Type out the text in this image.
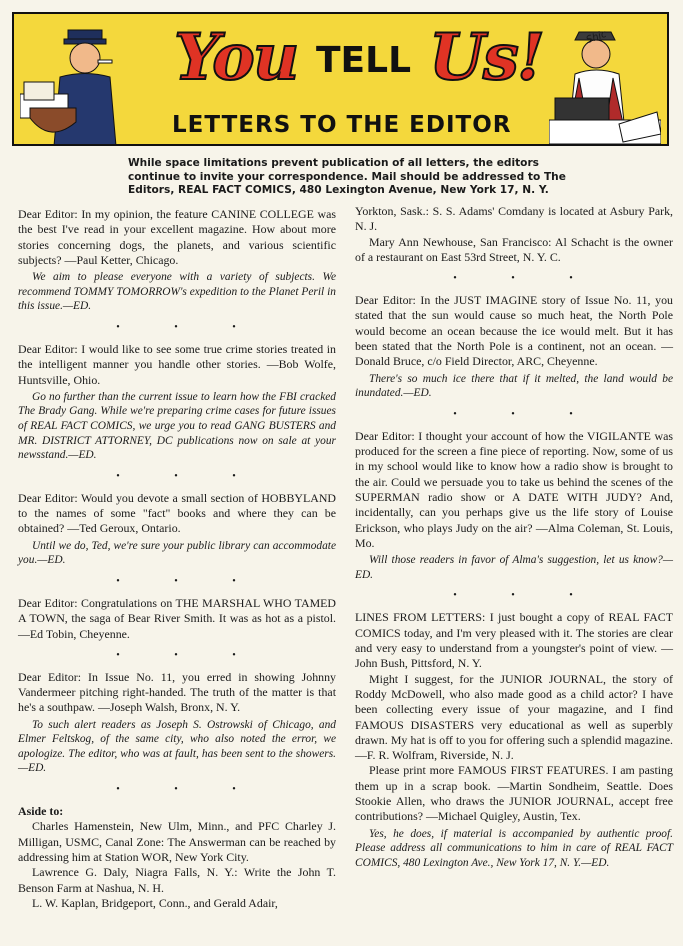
You TELL Us!
LETTERS TO THE EDITOR
Shic
While space limitations prevent publication of all letters, the editors continue to invite your correspondence. Mail should be addressed to The Editors, REAL FACT COMICS, 480 Lexington Avenue, New York 17, N. Y.

Dear Editor: In my opinion, the feature CANINE COLLEGE was the best I've read in your excellent magazine. How about more stories concerning dogs, the planets, and various scientific subjects? —Paul Ketter, Chicago.

We aim to please everyone with a variety of subjects. We recommend TOMMY TOMORROW's expedition to the Planet Peril in this issue.—ED.

• • •

Dear Editor: I would like to see some true crime stories treated in the intelligent manner you handle other stories. —Bob Wolfe, Huntsville, Ohio.

Go no further than the current issue to learn how the FBI cracked The Brady Gang. While we're preparing crime cases for future issues of REAL FACT COMICS, we urge you to read GANG BUSTERS and MR. DISTRICT ATTORNEY, DC publications now on sale at your newsstand.—ED.

• • •

Dear Editor: Would you devote a small section of HOBBYLAND to the names of some "fact" books and where they can be obtained? —Ted Geroux, Ontario.

Until we do, Ted, we're sure your public library can accommodate you.—ED.

• • •

Dear Editor: Congratulations on THE MARSHAL WHO TAMED A TOWN, the saga of Bear River Smith. It was as hot as a pistol. —Ed Tobin, Cheyenne.

• • •

Dear Editor: In Issue No. 11, you erred in showing Johnny Vandermeer pitching right-handed. The truth of the matter is that he's a southpaw. —Joseph Walsh, Bronx, N. Y.

To such alert readers as Joseph S. Ostrowski of Chicago, and Elmer Feltskog, of the same city, who also noted the error, we apologize. The editor, who was at fault, has been sent to the showers.—ED.

• • •

Aside to:

Charles Hamenstein, New Ulm, Minn., and PFC Charley J. Milligan, USMC, Canal Zone: The Answerman can be reached by addressing him at Station WOR, New York City.

Lawrence G. Daly, Niagra Falls, N. Y.: Write the John T. Benson Farm at Nashua, N. H.

L. W. Kaplan, Bridgeport, Conn., and Gerald Adair,

Yorkton, Sask.: S. S. Adams' Comdany is located at Asbury Park, N. J.

Mary Ann Newhouse, San Francisco: Al Schacht is the owner of a restaurant on East 53rd Street, N. Y. C.

• • •

Dear Editor: In the JUST IMAGINE story of Issue No. 11, you stated that the sun would cause so much heat, the North Pole would become an ocean because the ice would melt. But it has been stated that the North Pole is a continent, not an ocean. —Donald Bruce, c/o Field Director, ARC, Cheyenne.

There's so much ice there that if it melted, the land would be inundated.—ED.

• • •

Dear Editor: I thought your account of how the VIGILANTE was produced for the screen a fine piece of reporting. Now, some of us in my school would like to know how a radio show is brought to the air. Could we persuade you to take us behind the scenes of the SUPERMAN radio show or A DATE WITH JUDY? And, incidentally, can you perhaps give us the life story of Louise Erickson, who plays Judy on the air? —Alma Coleman, St. Louis, Mo.

Will those readers in favor of Alma's suggestion, let us know?—ED.

• • •

LINES FROM LETTERS: I just bought a copy of REAL FACT COMICS today, and I'm very pleased with it. The stories are clear and very easy to understand from a youngster's point of view. —John Bush, Pittsford, N. Y.

Might I suggest, for the JUNIOR JOURNAL, the story of Roddy McDowell, who also made good as a child actor? I have been collecting every issue of your magazine, and I find FAMOUS DISASTERS very educational as well as superbly drawn. My hat is off to you for offering such a splendid magazine. —F. R. Wolfram, Riverside, N. J.

Please print more FAMOUS FIRST FEATURES. I am pasting them up in a scrap book. —Martin Sondheim, Seattle. Does Stookie Allen, who draws the JUNIOR JOURNAL, accept free contributions? —Michael Quigley, Austin, Tex.

Yes, he does, if material is accompanied by authentic proof. Please address all communications to him in care of REAL FACT COMICS, 480 Lexington Ave., New York 17, N. Y.—ED.
